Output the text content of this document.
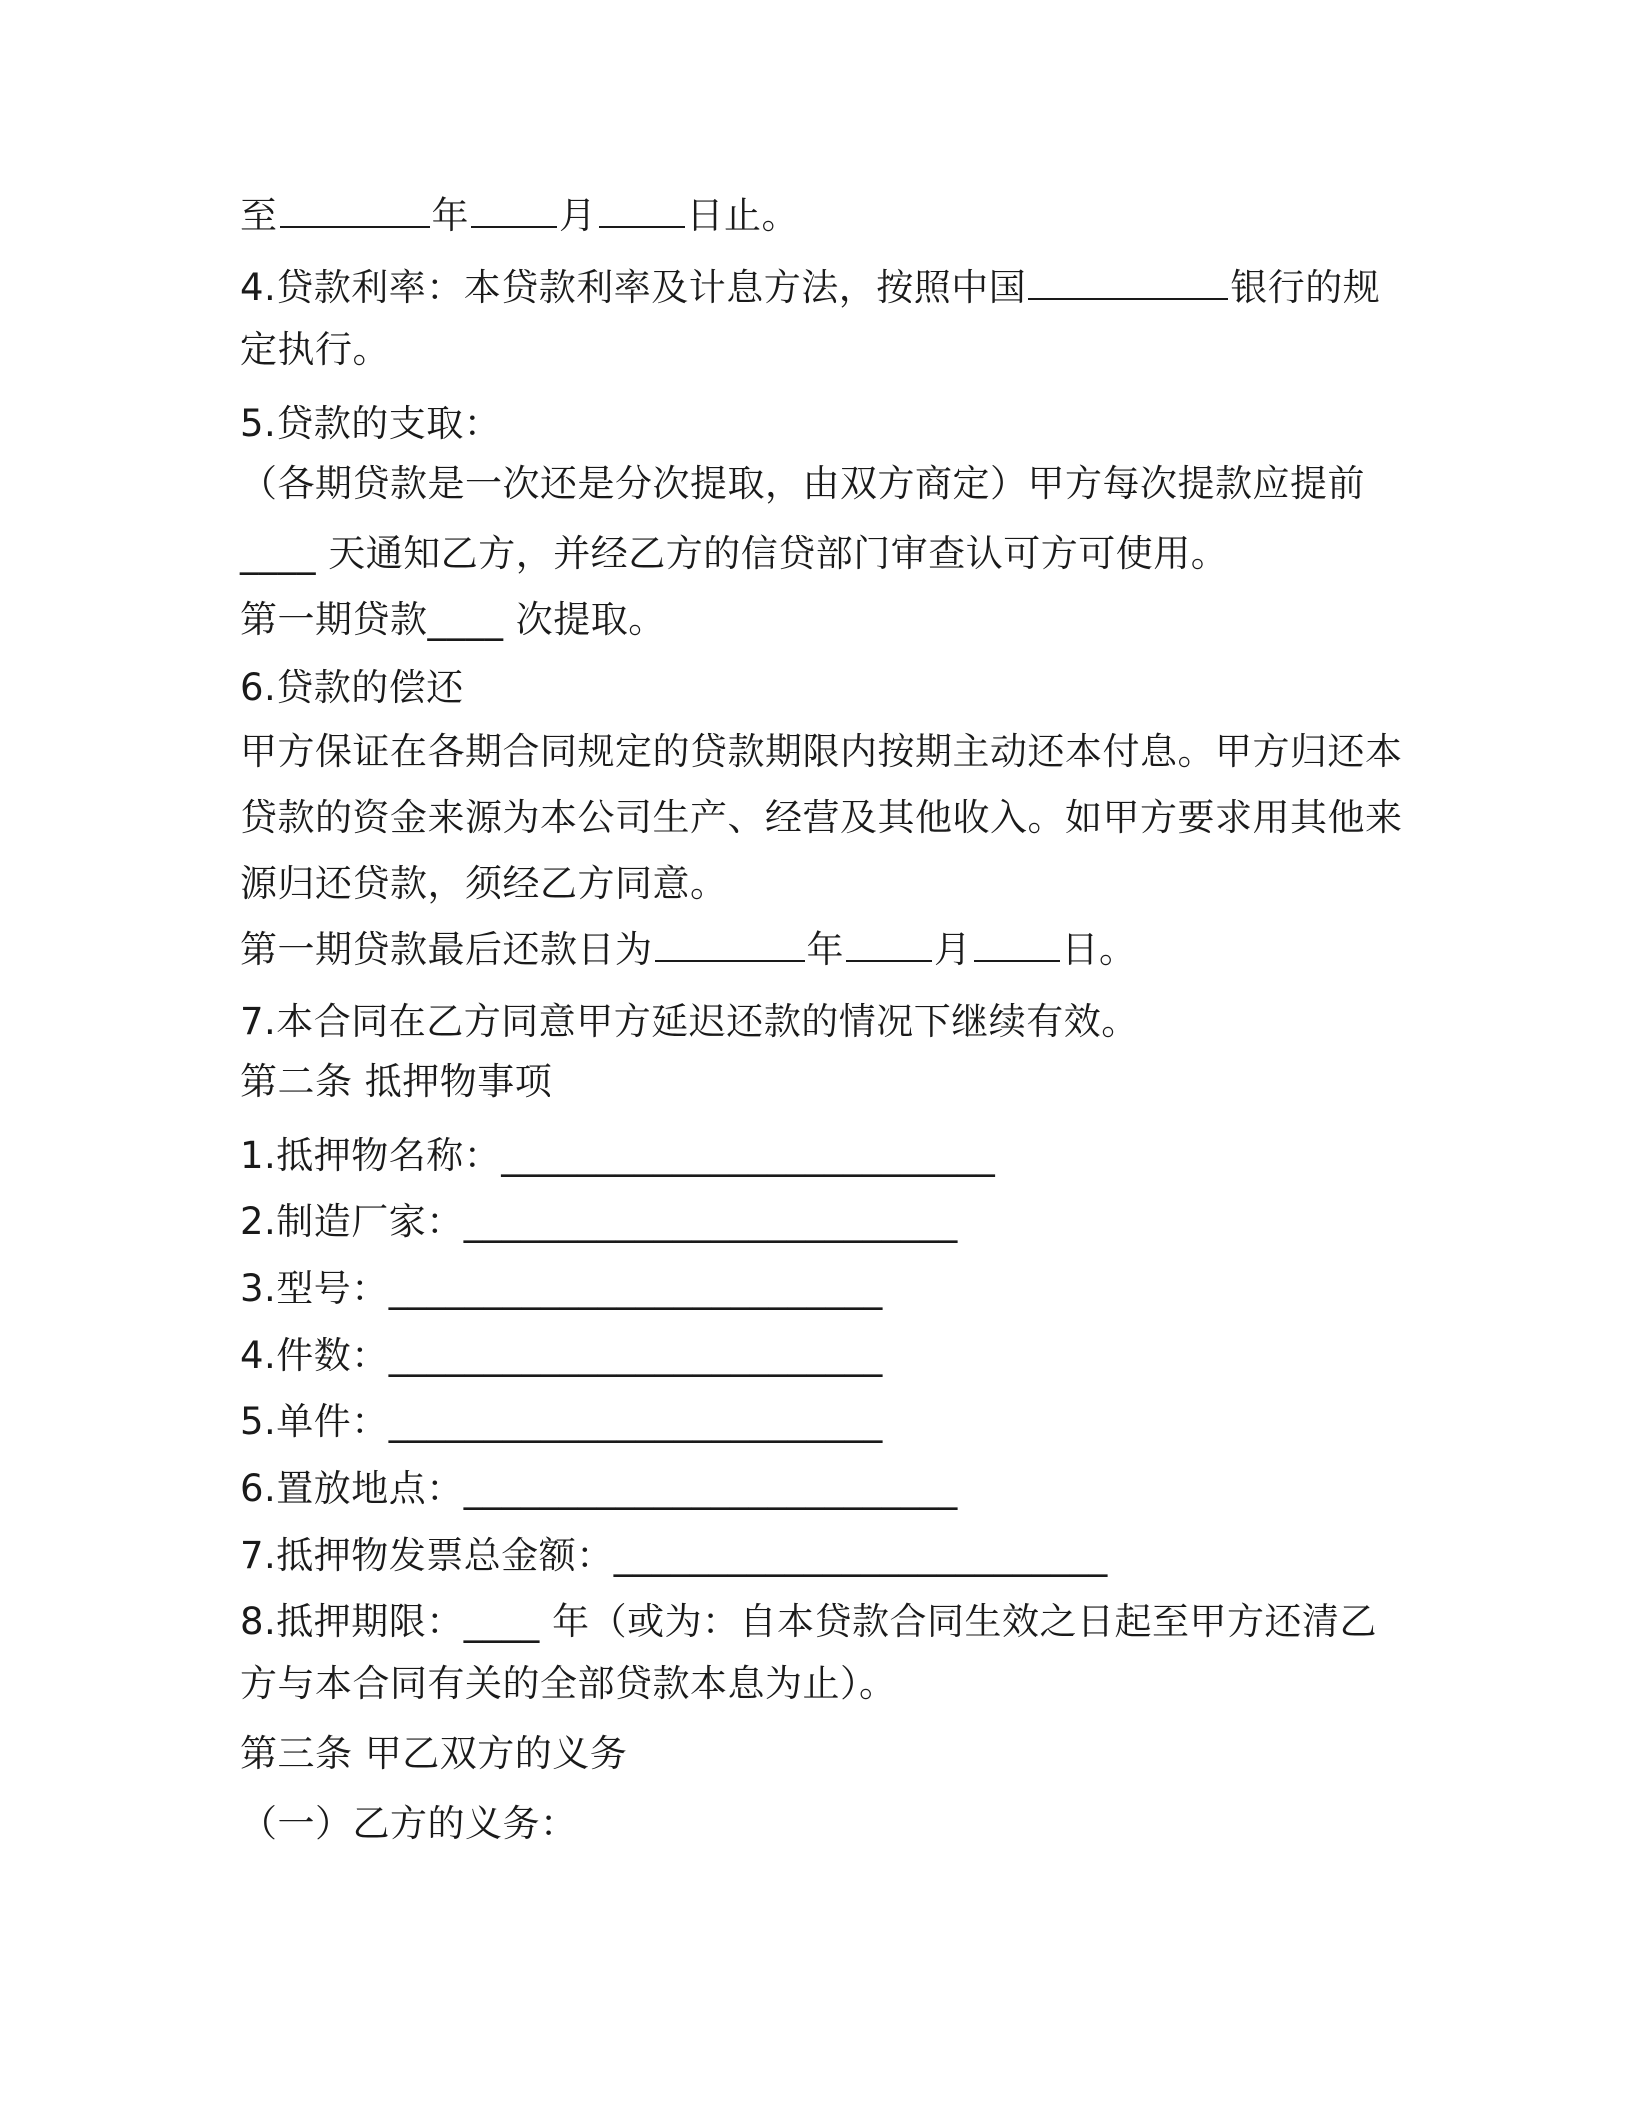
至	年 月 日止。
4.贷款利率：本贷款利率及计息方法，按照中国	银行的规
定执行。
5.贷款的支取：
（各期贷款是一次还是分次提取，由双方商定）甲方每次提款应提前
____ 天通知乙方，并经乙方的信贷部门审查认可方可使用。
第一期贷款____ 次提取。
6.贷款的偿还
甲方保证在各期合同规定的贷款期限内按期主动还本付息。甲方归还本
贷款的资金来源为本公司生产、经营及其他收入。如甲方要求用其他来
源归还贷款，须经乙方同意。
第一期贷款最后还款日为	年 月 日。
7.本合同在乙方同意甲方延迟还款的情况下继续有效。
第二条 抵押物事项
1.抵押物名称：__________________________
2.制造厂家：__________________________
3.型号：__________________________
4.件数：__________________________
5.单件：__________________________
6.置放地点：__________________________
7.抵押物发票总金额：__________________________
8.抵押期限：____ 年（或为：自本贷款合同生效之日起至甲方还清乙
方与本合同有关的全部贷款本息为止）。
第三条 甲乙双方的义务
（一）乙方的义务：
